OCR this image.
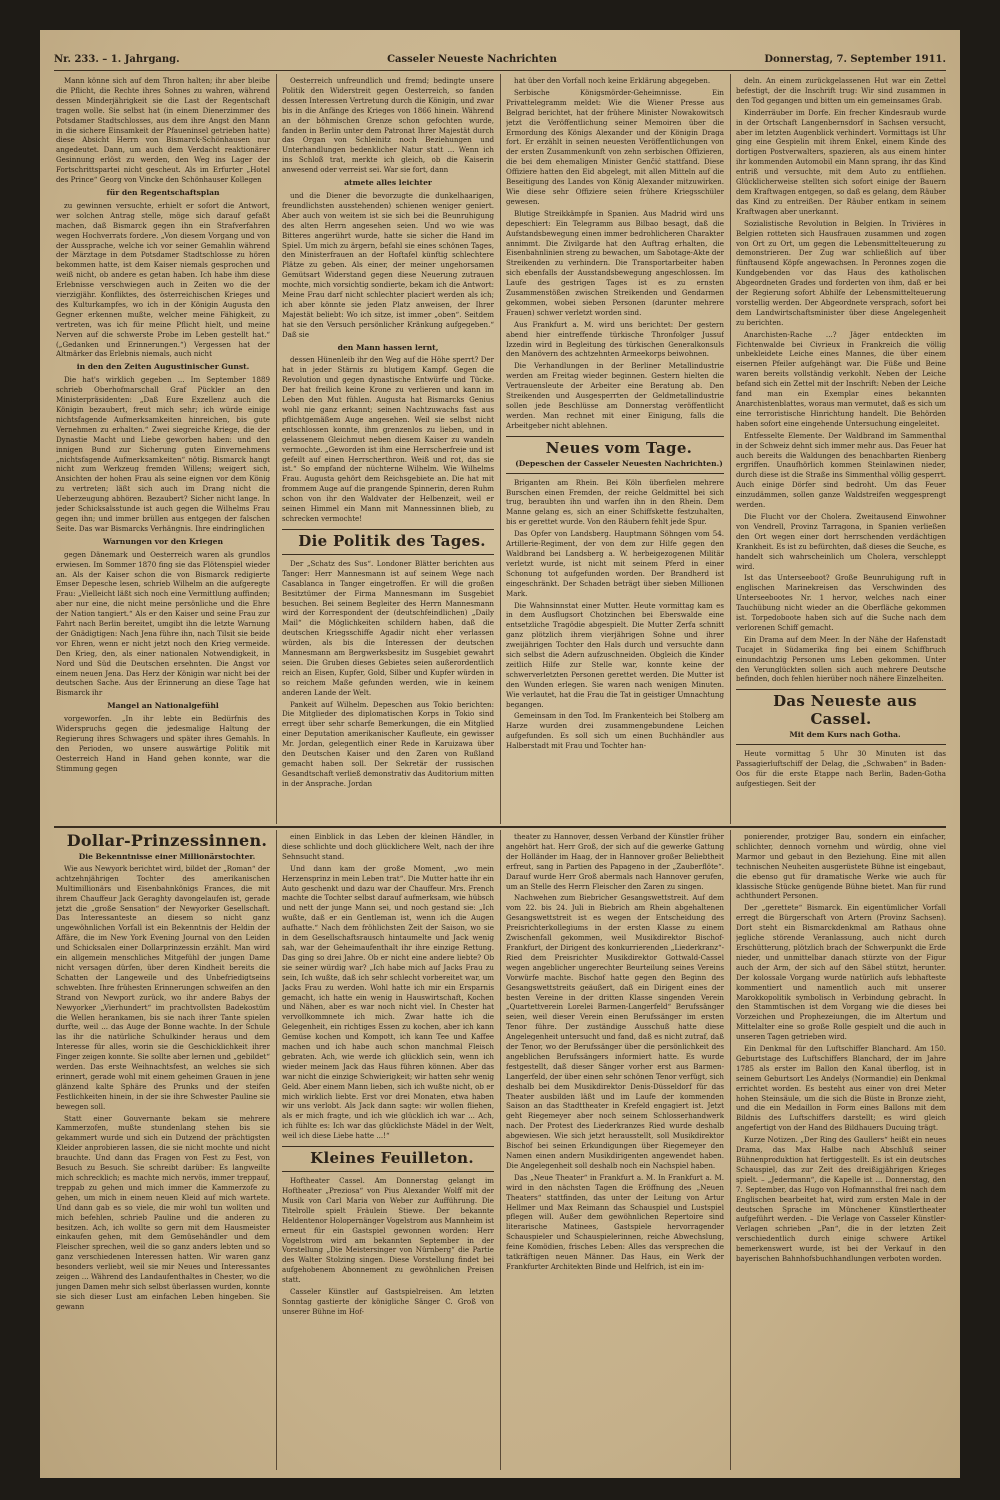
Nr. 233. – 1. Jahrgang.	Casseler Neueste Nachrichten	Donnerstag, 7. September 1911.

Mann könne sich auf dem Thron halten; ihr aber bleibe die Pflicht, die Rechte ihres Sohnes zu wahren, während dessen Minderjährigkeit sie die Last der Regentschaft tragen wolle. Sie selbst hat (in einem Dienerzimmer des Potsdamer Stadtschlosses, aus dem ihre Angst den Mann in die sichere Einsamkeit der Pfaueninsel getrieben hatte) diese Absicht Herrn von Bismarck-Schönhausen nur angedeutet. Dann, um auch dem Verdacht reaktionärer Gesinnung erlöst zu werden, den Weg ins Lager der Fortschrittspartei nicht gescheut. Als im Erfurter „Hotel des Prince“ Georg von Vincke den Schönhauser Kollegen

für den Regentschaftsplan

zu gewinnen versuchte, erhielt er sofort die Antwort, wer solchen Antrag stelle, möge sich darauf gefaßt machen, daß Bismarck gegen ihn ein Strafverfahren wegen Hochverrats fordere. „Von diesem Vorgang und von der Aussprache, welche ich vor seiner Gemahlin während der Märztage in dem Potsdamer Stadtschlosse zu hören bekommen hatte, ist dem Kaiser niemals gesprochen und weiß nicht, ob andere es getan haben. Ich habe ihm diese Erlebnisse verschwiegen auch in Zeiten wo die der vierzigjähr. Konfliktes, des österreichischen Krieges und des Kulturkampfes, wo ich in der Königin Augusta den Gegner erkennen mußte, welcher meine Fähigkeit, zu vertreten, was ich für meine Pflicht hielt, und meine Nerven auf die schwerste Probe im Leben gestellt hat.“ („Gedanken und Erinnerungen.“) Vergessen hat der Altmärker das Erlebnis niemals, auch nicht

in den den Zeiten Augustinischer Gunst.

Die hat's wirklich gegeben ... Im September 1889 schrieb Oberhofmarschall Graf Pückler an den Ministerpräsidenten: „Daß Eure Exzellenz auch die Königin bezaubert, freut mich sehr; ich würde einige nichtsfagende Aufmerksamkeiten hinreichen, bis gute Vernehmen zu erhalten.“ Zwei siegreiche Kriege, die der Dynastie Macht und Liebe geworben haben: und den innigen Bund zur Sicherung guten Einvernehmens „nichtsfagende Aufmerksamkeiten“ nötig. Bismarck hangt nicht zum Werkzeug fremden Willens; weigert sich, Ansichten der hohen Frau als seine eignen vor dem König zu vertreten; läßt sich auch im Drang nicht die Ueberzeugung abhören. Bezaubert? Sicher nicht lange. In jeder Schicksalsstunde ist auch gegen die Wilhelms Frau gegen ihn; und immer brüllen aus entgegen der falschen Seite. Das war Bismarcks Verhängnis. Ihre eindringlichen

Warnungen vor den Kriegen

gegen Dänemark und Oesterreich waren als grundlos erwiesen. Im Sommer 1870 fing sie das Flötenspiel wieder an. Als der Kaiser schon die von Bismarck redigierte Emser Depesche lesen, schrieb Wilhelm an die aufgeregte Frau: „Vielleicht läßt sich noch eine Vermittlung auffinden; aber nur eine, die nicht meine persönliche und die Ehre der Nation tangiert.“ Als er den Kaiser und seine Frau zur Fahrt nach Berlin bereitet, umgibt ihn die letzte Warnung der Gnädigtigen: Nach Jena führe ihn, nach Tilsit sie beide vor Ehren, wenn er nicht jetzt noch den Krieg vermeide. Den Krieg, den, als einer nationalen Notwendigkeit, in Nord und Süd die Deutschen ersehnten. Die Angst vor einem neuen Jena. Das Herz der Königin war nicht bei der deutschen Sache. Aus der Erinnerung an diese Tage hat Bismarck ihr

Mangel an Nationalgefühl

vorgeworfen. „In ihr lebte ein Bedürfnis des Widerspruchs gegen die jedesmalige Haltung der Regierung ihres Schwagers und später ihres Gemahls. In den Perioden, wo unsere auswärtige Politik mit Oesterreich Hand in Hand gehen konnte, war die Stimmung gegen

Oesterreich unfreundlich und fremd; bedingte unsere Politik den Widerstreit gegen Oesterreich, so fanden dessen Interessen Vertretung durch die Königin, und zwar bis in die Anfänge des Krieges von 1866 hinein. Während an der böhmischen Grenze schon gefochten wurde, fanden in Berlin unter dem Patronat Ihrer Majestät durch das Organ von Schleinitz noch Beziehungen und Unterhandlungen bedenklicher Natur statt ... Wenn ich ins Schloß trat, merkte ich gleich, ob die Kaiserin anwesend oder verreist sei. War sie fort, dann

atmete alles leichter

und die Diener die bevorzugte die dunkelhaarigen, freundlichsten ausstehenden) schienen weniger geniert. Aber auch von weitem ist sie sich bei die Beunruhigung des alten Herrn angesehen seien. Und wo wie was Bitteres angerührt wurde, hatte sie sicher die Hand im Spiel. Um mich zu ärgern, befahl sie eines schönen Tages, den Ministerfrauen an der Hoftafel künftig schlechtere Plätze zu geben. Als einer, der meiner ungehorsamen Gemütsart Widerstand gegen diese Neuerung zutrauen mochte, mich vorsichtig sondierte, bekam ich die Antwort: Meine Frau darf nicht schlechter placiert werden als ich; ich aber könnte sie jeden Platz anweisen, der Ihrer Majestät beliebt: Wo ich sitze, ist immer „oben“. Seitdem hat sie den Versuch persönlicher Kränkung aufgegeben.“ Daß sie

den Mann hassen lernt,

dessen Hünenleib ihr den Weg auf die Höhe sperrt? Der hat in jeder Stärnis zu blutigem Kampf. Gegen die Revolution und gegen dynastische Entwürfe und Tücke. Der hat freilich keine Krone zu verlieren und kann im Leben den Mut fühlen. Augusta hat Bismarcks Genius wohl nie ganz erkannt; seinen Nachtzuwachs fast aus pflichtgemäßem Auge angesehen. Weil sie selbst nicht entschlossen konnte, ihm grenzenlos zu lieben, und in gelassenem Gleichmut neben diesem Kaiser zu wandeln vermochte. „Geworden ist ihm eine Herrscherfreie und ist gefeilt auf einen Herrscherthron. Weiß und rot, das sie ist.“ So empfand der nüchterne Wilhelm. Wie Wilhelms Frau. Augusta gehört dem Reichsgebiete an. Die hat mit frommem Auge auf die prangende Spinnerin, deren Ruhm schon von ihr den Waldvater der Helbenzeit, weil er seinen Himmel ein Mann mit Mannessinnen blieb, zu schrecken vermochte!

Die Politik des Tages.

Der „Schatz des Sus“. Londoner Blätter berichten aus Tanger: Herr Mannesmann ist auf seinem Wege nach Casablanca in Tanger eingetroffen. Er will die großen Besitztümer der Firma Mannesmann im Susgebiet besuchen. Bei seinem Begleiter des Herrn Mannesmann wird der Korrespondent der (deutschfeindlichen) „Daily Mail“ die Möglichkeiten schildern haben, daß die deutschen Kriegsschiffe Agadir nicht eher verlassen würden, als bis die Interessen der deutschen Mannesmann am Bergwerksbesitz im Susgebiet gewahrt seien. Die Gruben dieses Gebietes seien außerordentlich reich an Eisen, Kupfer, Gold, Silber und Kupfer würden in so reichem Maße gefunden werden, wie in keinem anderen Lande der Welt.

Pankeit auf Wilhelm. Depeschen aus Tokio berichten: Die Mitglieder des diplomatischen Korps in Tokio sind erregt über sehr scharfe Bemerkungen, die ein Mitglied einer Deputation amerikanischer Kaufleute, ein gewisser Mr. Jordan, gelegentlich einer Rede in Karuizawa über den Deutschen Kaiser und den Zaren von Rußland gemacht haben soll. Der Sekretär der russischen Gesandtschaft verließ demonstrativ das Auditorium mitten in der Ansprache. Jordan

hat über den Vorfall noch keine Erklärung abgegeben.

Serbische Königsmörder-Geheimnisse. Ein Privattelegramm meldet: Wie die Wiener Presse aus Belgrad berichtet, hat der frühere Minister Nowakowitsch jetzt die Veröffentlichung seiner Memoiren über die Ermordung des Königs Alexander und der Königin Draga fort. Er erzählt in seinen neuesten Veröffentlichungen von der ersten Zusammenkunft von zehn serbischen Offizieren, die bei dem ehemaligen Minister Genčić stattfand. Diese Offiziere hatten den Eid abgelegt, mit allen Mitteln auf die Beseitigung des Landes von König Alexander mitzuwirken. Wie diese sehr Offiziere seien frühere Kriegsschüler gewesen.

Blutige Streikkämpfe in Spanien. Aus Madrid wird uns depeschiert: Ein Telegramm aus Bilbao besagt, daß die Aufstandsbewegung einen immer bedrohlicheren Charakter annimmt. Die Zivilgarde hat den Auftrag erhalten, die Eisenbahnlinien streng zu bewachen, um Sabotage-Akte der Streikenden zu verhindern. Die Transportarbeiter haben sich ebenfalls der Ausstandsbewegung angeschlossen. Im Laufe des gestrigen Tages ist es zu ernsten Zusammenstößen zwischen Streikenden und Gendarmen gekommen, wobei sieben Personen (darunter mehrere Frauen) schwer verletzt worden sind.

Aus Frankfurt a. M. wird uns berichtet: Der gestern abend hier eintreffende türkische Thronfolger Jussuf Izzedin wird in Begleitung des türkischen Generalkonsuls den Manövern des achtzehnten Armeekorps beiwohnen.

Die Verhandlungen in der Berliner Metallindustrie werden am Freitag wieder beginnen. Gestern hielten die Vertrauensleute der Arbeiter eine Beratung ab. Den Streikenden und Ausgesperrten der Geldmetallindustrie sollen jede Beschlüsse am Donnerstag veröffentlicht werden. Man rechnet mit einer Einigung, falls die Arbeitgeber nicht ablehnen.

Neues vom Tage.

(Depeschen der Casseler Neuesten Nachrichten.)

Briganten am Rhein. Bei Köln überfielen mehrere Burschen einen Fremden, der reiche Geldmittel bei sich trug, beraubten ihn und warfen ihn in den Rhein. Dem Manne gelang es, sich an einer Schiffskette festzuhalten, bis er gerettet wurde. Von den Räubern fehlt jede Spur.

Das Opfer von Landsberg. Hauptmann Söhngen vom 54. Artillerie-Regiment, der von dem zur Hilfe gegen den Waldbrand bei Landsberg a. W. herbeigezogenen Militär verletzt wurde, ist nicht mit seinem Pferd in einer Schonung tot aufgefunden worden. Der Brandherd ist eingeschränkt. Der Schaden beträgt über sieben Millionen Mark.

Die Wahnsinnstat einer Mutter. Heute vormittag kam es in dem Ausflugsort Chotzinchen bei Eberswalde eine entsetzliche Tragödie abgespielt. Die Mutter Zerfa schnitt ganz plötzlich ihrem vierjährigen Sohne und ihrer zweijährigen Tochter den Hals durch und versuchte dann sich selbst die Adern aufzuschneiden. Obgleich die Kinder zeitlich Hilfe zur Stelle war, konnte keine der schwerverletzten Personen gerettet werden. Die Mutter ist den Wunden erlegen. Sie waren nach wenigen Minuten. Wie verlautet, hat die Frau die Tat in geistiger Umnachtung begangen.

Gemeinsam in den Tod. Im Frankenteich bei Stolberg am Harze wurden drei zusammengebundene Leichen aufgefunden. Es soll sich um einen Buchhändler aus Halberstadt mit Frau und Tochter han-

deln. An einem zurückgelassenen Hut war ein Zettel befestigt, der die Inschrift trug: Wir sind zusammen in den Tod gegangen und bitten um ein gemeinsames Grab.

Kinderräuber im Dorfe. Ein frecher Kindesraub wurde in der Ortschaft Langenbernsdorf in Sachsen versucht, aber im letzten Augenblick verhindert. Vormittags ist Uhr ging eine Gespielin mit ihrem Enkel, einem Kinde des dortigen Postverwalters, spazieren, als aus einem hinter ihr kommenden Automobil ein Mann sprang, ihr das Kind entriß und versuchte, mit dem Auto zu entfliehen. Glücklicherweise stellten sich sofort einige der Bauern dem Kraftwagen entgegen, so daß es gelang, dem Räuber das Kind zu entreißen. Der Räuber entkam in seinem Kraftwagen aber unerkannt.

Sozialistische Revolution in Belgien. In Trivières in Belgien rotteten sich Hausfrauen zusammen und zogen von Ort zu Ort, um gegen die Lebensmittelteuerung zu demonstrieren. Der Zug war schließlich auf über fünftausend Köpfe angewachsen. In Peronnes zogen die Kundgebenden vor das Haus des katholischen Abgeordneten Grades und forderten von ihm, daß er bei der Regierung sofort Abhilfe der Lebensmittelteuerung vorstellig werden. Der Abgeordnete versprach, sofort bei dem Landwirtschaftsminister über diese Angelegenheit zu berichten.

Anarchisten-Rache ...? Jäger entdeckten im Fichtenwalde bei Civrieux in Frankreich die völlig unbekleidete Leiche eines Mannes, die über einem eisernen Pfeiler aufgehängt war. Die Füße und Beine waren bereits vollständig verkohlt. Neben der Leiche befand sich ein Zettel mit der Inschrift: Neben der Leiche fand man ein Exemplar eines bekannten Anarchistenblattes, woraus man vermutet, daß es sich um eine terroristische Hinrichtung handelt. Die Behörden haben sofort eine eingehende Untersuchung eingeleitet.

Entfesselte Elemente. Der Waldbrand im Sammenthal in der Schweiz dehnt sich immer mehr aus. Das Feuer hat auch bereits die Waldungen des benachbarten Rienberg ergriffen. Unaufhörlich kommen Steinlawinen nieder, durch diese ist die Straße ins Simmenthal völlig gesperrt. Auch einige Dörfer sind bedroht. Um das Feuer einzudämmen, sollen ganze Waldstreifen weggesprengt werden.

Die Flucht vor der Cholera. Zweitausend Einwohner von Vendrell, Provinz Tarragona, in Spanien verließen den Ort wegen einer dort herrschenden verdächtigen Krankheit. Es ist zu befürchten, daß dieses die Seuche, es handelt sich wahrscheinlich um Cholera, verschleppt wird.

Ist das Unterseeboot? Große Beunruhigung ruft in englischen Marinekreisen das Verschwinden des Unterseebootes Nr. 1 hervor, welches nach einer Tauchübung nicht wieder an die Oberfläche gekommen ist. Torpedoboote haben sich auf die Suche nach dem verlorenen Schiff gemacht.

Ein Drama auf dem Meer. In der Nähe der Hafenstadt Tucajet in Südamerika fing bei einem Schiffbruch einundachtzig Personen ums Leben gekommen. Unter den Verunglückten sollen sich auch mehrere Deutsche befinden, doch fehlen hierüber noch nähere Einzelheiten.

Das Neueste aus Cassel.

Mit dem Kurs nach Gotha.

Heute vormittag 5 Uhr 30 Minuten ist das Passagierluftschiff der Delag, die „Schwaben“ in Baden-Oos für die erste Etappe nach Berlin, Baden-Gotha aufgestiegen. Seit der

Dollar-Prinzessinnen.

Die Bekenntnisse einer Millionärstochter.

Wie aus Newyork berichtet wird, bildet der „Roman“ der achtzehnjährigen Tochter des amerikanischen Multimillionärs und Eisenbahnkönigs Frances, die mit ihrem Chauffeur Jack Geraghty davongelaufen ist, gerade jetzt die „große Sensation“ der Newyorker Gesellschaft. Das Interessanteste an diesem so nicht ganz ungewöhnlichen Vorfall ist ein Bekenntnis der Heldin der Affäre, die im New York Evening Journal von den Leiden und Schicksalen einer Dollarprinzessin erzählt. Man wird ein allgemein menschliches Mitgefühl der jungen Dame nicht versagen dürfen, über deren Kindheit bereits die Schatten der Langeweile und des Unbefriedigtseins schwebten. Ihre frühesten Erinnerungen schweifen an den Strand von Newport zurück, wo ihr andere Babys der Newyorker „Vierhundert“ im prachtvollsten Badekostüm die Wellen herankamen, bis sie nach ihrer Tante spielen durfte, weil ... das Auge der Bonne wachte. In der Schule las ihr die natürliche Schulkinder heraus und dem Interesse für alles, worin sie die Geschicklichkeit ihrer Finger zeigen konnte. Sie sollte aber lernen und „gebildet“ werden. Das erste Weihnachtsfest, an welches sie sich erinnert, gerade wohl mit einem geheimen Grauen in jene glänzend kalte Sphäre des Prunks und der steifen Festlichkeiten hinein, in der sie ihre Schwester Pauline sie bewegen soll.

Statt einer Gouvernante bekam sie mehrere Kammerzofen, mußte stundenlang stehen bis sie gekammert wurde und sich ein Dutzend der prächtigsten Kleider anprobieren lassen, die sie nicht mochte und nicht brauchte. Und dann das Fragen von Fest zu Fest, von Besuch zu Besuch. Sie schreibt darüber: Es langweilte mich schrecklich; es machte mich nervös, immer treppauf, treppab zu gehen und mich immer die Kammerzofe zu gehen, um mich in einem neuen Kleid auf mich wartete. Und dann gab es so viele, die mir wohl tun wollten und mich befehlen, schrieb Pauline und die anderen zu besitzen. Ach, ich wollte so gern mit dem Hausmeister einkaufen gehen, mit dem Gemüsehändler und dem Fleischer sprechen, weil die so ganz anders lebten und so ganz verschiedenen Interessen hatten. Wir waren ganz besonders verliebt, weil sie mir Neues und Interessantes zeigen ... Während des Landaufenthaltes in Chester, wo die jungen Damen mehr sich selbst überlassen wurden, konnte sie sich dieser Lust am einfachen Leben hingeben. Sie gewann

einen Einblick in das Leben der kleinen Händler, in diese schlichte und doch glücklichere Welt, nach der ihre Sehnsucht stand.

Und dann kam der große Moment, „wo mein Herzensprinz in mein Leben trat“. Die Mutter hatte ihr ein Auto geschenkt und dazu war der Chauffeur. Mrs. French machte die Tochter selbst darauf aufmerksam, wie hübsch und nett der junge Mann sei, und noch gestand sie: „Ich wußte, daß er ein Gentleman ist, wenn ich die Augen aufhatte.“ Nach dem fröhlichsten Zeit der Saison, wo sie in dem Gesellschaftsrausch hintaumelte und Jack wenig sah, war der Geheimaufenthalt ihr ihre einzige Rettung. Das ging so drei Jahre. Ob er nicht eine andere liebte? Ob sie seiner würdig war? „Ich habe mich auf Jacks Frau zu sein, Ich wußte, daß ich sehr schlecht vorbereitet war, um Jacks Frau zu werden. Wohl hatte ich mir ein Ersparnis gemacht, ich hatte ein wenig in Hauswirtschaft, Kochen und Nähen, aber es war noch nicht viel. In Chester hat vervollkommnete ich mich. Zwar hatte ich die Gelegenheit, ein richtiges Essen zu kochen, aber ich kann Gemüse kochen und Kompott, ich kann Tee und Kaffee machen und ich habe auch schon manchmal Fleisch gebraten. Ach, wie werde ich glücklich sein, wenn ich wieder meinem Jack das Haus führen können. Aber das war nicht die einzige Schwierigkeit; wir hatten sehr wenig Geld. Aber einem Mann lieben, sich ich wußte nicht, ob er mich wirklich liebte. Erst vor drei Monaten, etwa haben wir uns verlobt. Als Jack dann sagte: wir wollen fliehen, als er mich fragte, und ich wie glücklich ich war ... Ach, ich fühlte es: Ich war das glücklichste Mädel in der Welt, weil ich diese Liebe hatte ...!“

Kleines Feuilleton.

Hoftheater Cassel. Am Donnerstag gelangt im Hoftheater „Preziosa“ von Pius Alexander Wolff mit der Musik von Carl Maria von Weber zur Aufführung. Die Titelrolle spielt Fräulein Stiewe. Der bekannte Heldentenor Holopernänger Vogelstrom aus Mannheim ist erneut für ein Gastspiel gewonnen worden: Herr Vogelstrom wird am bekannten September in der Vorstellung „Die Meistersinger von Nürnberg“ die Partie des Walter Stolzing singen. Diese Vorstellung findet bei aufgehobenem Abonnement zu gewöhnlichen Preisen statt.

Casseler Künstler auf Gastspielreisen. Am letzten Sonntag gastierte der königliche Sänger C. Groß von unserer Bühne im Hof-

theater zu Hannover, dessen Verband der Künstler früher angehört hat. Herr Groß, der sich auf die gewerke Gattung der Holländer im Haag, der in Hannover großer Beliebtheit erfreut, sang in Partien des Papageno in der „Zauberflöte“. Darauf wurde Herr Groß abermals nach Hannover gerufen, um an Stelle des Herrn Fleischer den Zaren zu singen.

Nachwehen zum Biebricher Gesangswettstreit. Auf dem vom 22. bis 24. Juli in Biebrich am Rhein abgehaltenen Gesangswettstreit ist es wegen der Entscheidung des Preisrichterkollegiums in der ersten Klasse zu einem Zwischenfall gekommen, weil Musikdirektor Bischof-Frankfurt, der Dirigent des konkurrierenden „Liederkranz“-Ried dem Preisrichter Musikdirektor Gottwald-Cassel wegen angeblicher ungerechter Beurteilung seines Vereins Vorwürfe machte. Bischof hatte gegen den Beginn des Gesangswettstreits geäußert, daß ein Dirigent eines der besten Vereine in der dritten Klasse singenden Verein „Quartettverein Lorelei Barmen-Langerfeld“ Berufssänger seien, weil dieser Verein einen Berufssänger im ersten Tenor führe. Der zuständige Ausschuß hatte diese Angelegenheit untersucht und fand, daß es nicht zutraf, daß der Tenor, wo der Berufssänger über die persönlichkeit des angeblichen Berufssängers informiert hatte. Es wurde festgestellt, daß dieser Sänger vorher erst aus Barmen-Langerfeld, der über einen sehr schönen Tenor verfügt, sich deshalb bei dem Musikdirektor Denis-Düsseldorf für das Theater ausbilden läßt und im Laufe der kommenden Saison an das Stadttheater in Krefeld engagiert ist. Jetzt geht Riegemeyer aber noch seinem Schlosserhandwerk nach. Der Protest des Liederkranzes Ried wurde deshalb abgewiesen. Wie sich jetzt herausstellt, soll Musikdirektor Bischof bei seinen Erkundigungen über Riegemeyer den Namen einen andern Musikdirigenten angewendet haben. Die Angelegenheit soll deshalb noch ein Nachspiel haben.

Das „Neue Theater“ in Frankfurt a. M. In Frankfurt a. M. wird in den nächsten Tagen die Eröffnung des „Neuen Theaters“ stattfinden, das unter der Leitung von Artur Hellmer und Max Reimann das Schauspiel und Lustspiel pflegen will. Außer dem gewöhnlichen Repertoire sind literarische Matinees, Gastspiele hervorragender Schauspieler und Schauspielerinnen, reiche Abwechslung, feine Komödien, frisches Leben: Alles das versprechen die tatkräftigen neuen Männer. Das Haus, ein Werk der Frankfurter Architekten Binde und Helfrich, ist ein im-

ponierender, protziger Bau, sondern ein einfacher, schlichter, dennoch vornehm und würdig, ohne viel Marmor und gebaut in den Beziehung. Eine mit allen technischen Neuheiten ausgerüstete Bühne ist eingebaut, die ebenso gut für dramatische Werke wie auch für klassische Stücke genügende Bühne bietet. Man für rund achthundert Personen.

Der „gerettete“ Bismarck. Ein eigentümlicher Vorfall erregt die Bürgerschaft von Artern (Provinz Sachsen). Dort steht ein Bismarckdenkmal am Rathaus ohne jegliche störende Veranlassung, auch nicht durch Erschütterung, plötzlich brach der Schwerpunkt die Erde nieder, und unmittelbar danach stürzte von der Figur auch der Arm, der sich auf den Säbel stützt, herunter. Der kolossale Vorgang wurde natürlich aufs lebhafteste kommentiert und namentlich auch mit unserer Marokkopolitik symbolisch in Verbindung gebracht. In den Stammtischen ist dem Vorgang wie die dieses bei Vorzeichen und Prophezeiungen, die im Altertum und Mittelalter eine so große Rolle gespielt und die auch in unseren Tagen getrieben wird.

Ein Denkmal für den Luftschiffer Blanchard. Am 150. Geburtstage des Luftschiffers Blanchard, der im Jahre 1785 als erster im Ballon den Kanal überflog, ist in seinem Geburtsort Les Andelys (Normandie) ein Denkmal errichtet worden. Es besteht aus einer von drei Meter hohen Steinsäule, um die sich die Büste in Bronze zieht, und die ein Medaillon in Form eines Ballons mit dem Bildnis des Luftschiffers darstellt; es wird gleich angefertigt von der Hand des Bildhauers Ducuing trägt.

Kurze Notizen. „Der Ring des Gaullers“ heißt ein neues Drama, das Max Halbe nach Abschluß seiner Bühnenproduktion hat fertiggestellt. Es ist ein deutsches Schauspiel, das zur Zeit des dreißigjährigen Krieges spielt. – „Jedermann“, die Kapelle ist ... Donnerstag, den 7. September, das Hugo von Hofmannsthal frei nach dem Englischen bearbeitet hat, wird zum ersten Male in der deutschen Sprache im Münchener Künstlertheater aufgeführt werden. – Die Verlage von Casseler Künstler-Verlagen schrieben „Pan“, die in der letzten Zeit verschiedentlich durch einige schwere Artikel bemerkenswert wurde, ist bei der Verkauf in den bayerischen Bahnhofsbuchhandlungen verboten worden.
